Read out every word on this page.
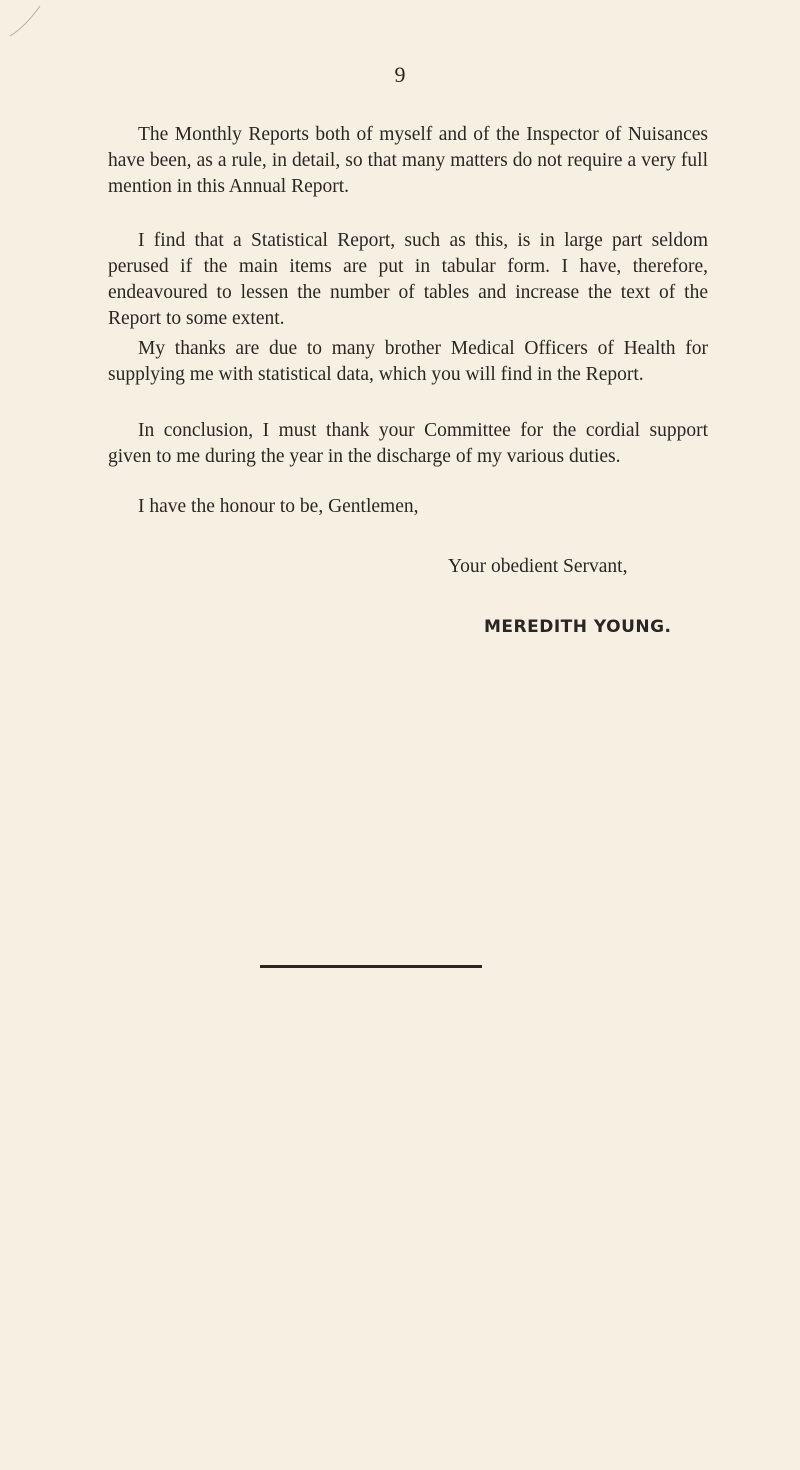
9

The Monthly Reports both of myself and of the Inspector of Nuisances have been, as a rule, in detail, so that many matters do not require a very full mention in this Annual Report.

I find that a Statistical Report, such as this, is in large part seldom perused if the main items are put in tabular form. I have, therefore, endeavoured to lessen the number of tables and increase the text of the Report to some extent.

My thanks are due to many brother Medical Officers of Health for supplying me with statistical data, which you will find in the Report.

In conclusion, I must thank your Committee for the cordial support given to me during the year in the discharge of my various duties.

I have the honour to be, Gentlemen,

Your obedient Servant,

MEREDITH YOUNG.
